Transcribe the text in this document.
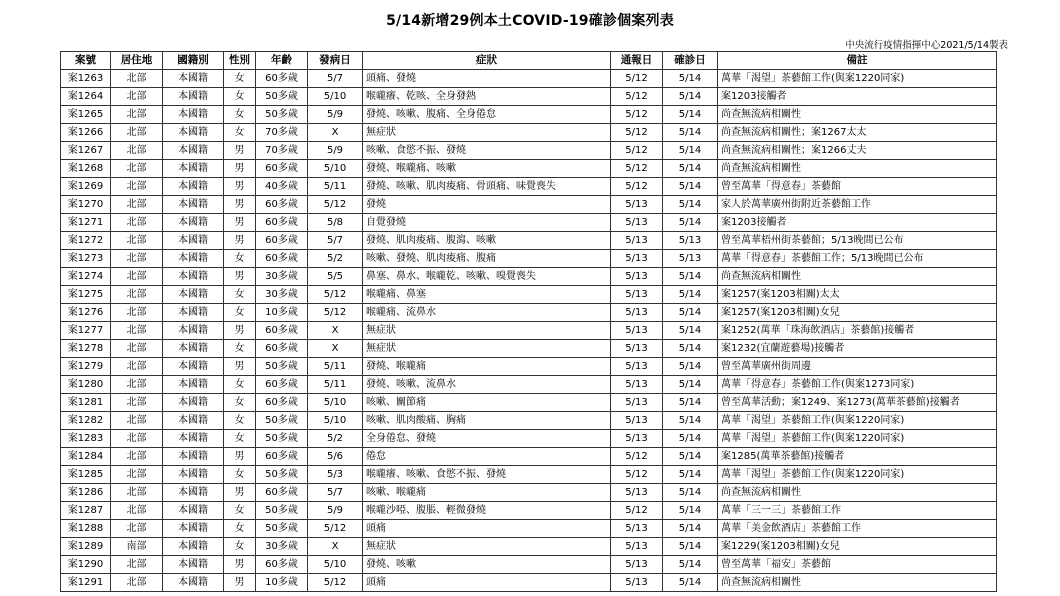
5/14新增29例本土COVID-19確診個案列表
中央流行疫情指揮中心2021/5/14製表
案號	居住地	國籍別	性別	年齡	發病日	症狀	通報日	確診日	備註
案1263	北部	本國籍	女	60多歲	5/7	頭痛、發燒	5/12	5/14	萬華「渴望」茶藝館工作(與案1220同家)
案1264	北部	本國籍	女	50多歲	5/10	喉嚨癢、乾咳、全身發熱	5/12	5/14	案1203接觸者
案1265	北部	本國籍	女	50多歲	5/9	發燒、咳嗽、腹痛、全身倦怠	5/12	5/14	尚查無流病相關性
案1266	北部	本國籍	女	70多歲	X	無症狀	5/12	5/14	尚查無流病相關性；案1267太太
案1267	北部	本國籍	男	70多歲	5/9	咳嗽、食慾不振、發燒	5/12	5/14	尚查無流病相關性；案1266丈夫
案1268	北部	本國籍	男	60多歲	5/10	發燒、喉嚨痛、咳嗽	5/12	5/14	尚查無流病相關性
案1269	北部	本國籍	男	40多歲	5/11	發燒、咳嗽、肌肉痠痛、骨頭痛、味覺喪失	5/12	5/14	曾至萬華「得意春」茶藝館
案1270	北部	本國籍	男	60多歲	5/12	發燒	5/13	5/14	家人於萬華廣州街附近茶藝館工作
案1271	北部	本國籍	男	60多歲	5/8	自覺發燒	5/13	5/14	案1203接觸者
案1272	北部	本國籍	男	60多歲	5/7	發燒、肌肉痠痛、腹瀉、咳嗽	5/13	5/13	曾至萬華梧州街茶藝館；5/13晚間已公布
案1273	北部	本國籍	女	60多歲	5/2	咳嗽、發燒、肌肉痠痛、腹痛	5/13	5/13	萬華「得意春」茶藝館工作；5/13晚間已公布
案1274	北部	本國籍	男	30多歲	5/5	鼻塞、鼻水、喉嚨乾、咳嗽、嗅覺喪失	5/13	5/14	尚查無流病相關性
案1275	北部	本國籍	女	30多歲	5/12	喉嚨痛、鼻塞	5/13	5/14	案1257(案1203相關)太太
案1276	北部	本國籍	女	10多歲	5/12	喉嚨痛、流鼻水	5/13	5/14	案1257(案1203相關)女兒
案1277	北部	本國籍	男	60多歲	X	無症狀	5/13	5/14	案1252(萬華「珠海飲酒店」茶藝館)接觸者
案1278	北部	本國籍	女	60多歲	X	無症狀	5/13	5/14	案1232(宜蘭遊藝場)接觸者
案1279	北部	本國籍	男	50多歲	5/11	發燒、喉嚨痛	5/13	5/14	曾至萬華廣州街周邊
案1280	北部	本國籍	女	60多歲	5/11	發燒、咳嗽、流鼻水	5/13	5/14	萬華「得意春」茶藝館工作(與案1273同家)
案1281	北部	本國籍	女	60多歲	5/10	咳嗽、關節痛	5/13	5/14	曾至萬華活動；案1249、案1273(萬華茶藝館)接觸者
案1282	北部	本國籍	女	50多歲	5/10	咳嗽、肌肉酸痛、胸痛	5/13	5/14	萬華「渴望」茶藝館工作(與案1220同家)
案1283	北部	本國籍	女	50多歲	5/2	全身倦怠、發燒	5/13	5/14	萬華「渴望」茶藝館工作(與案1220同家)
案1284	北部	本國籍	男	60多歲	5/6	倦怠	5/12	5/14	案1285(萬華茶藝館)接觸者
案1285	北部	本國籍	女	50多歲	5/3	喉嚨癢、咳嗽、食慾不振、發燒	5/12	5/14	萬華「渴望」茶藝館工作(與案1220同家)
案1286	北部	本國籍	男	60多歲	5/7	咳嗽、喉嚨痛	5/13	5/14	尚查無流病相關性
案1287	北部	本國籍	女	50多歲	5/9	喉嚨沙啞、腹脹、輕微發燒	5/12	5/14	萬華「三一三」茶藝館工作
案1288	北部	本國籍	女	50多歲	5/12	頭痛	5/13	5/14	萬華「美金飲酒店」茶藝館工作
案1289	南部	本國籍	女	30多歲	X	無症狀	5/13	5/14	案1229(案1203相關)女兒
案1290	北部	本國籍	男	60多歲	5/10	發燒、咳嗽	5/13	5/14	曾至萬華「福安」茶藝館
案1291	北部	本國籍	男	10多歲	5/12	頭痛	5/13	5/14	尚查無流病相關性
